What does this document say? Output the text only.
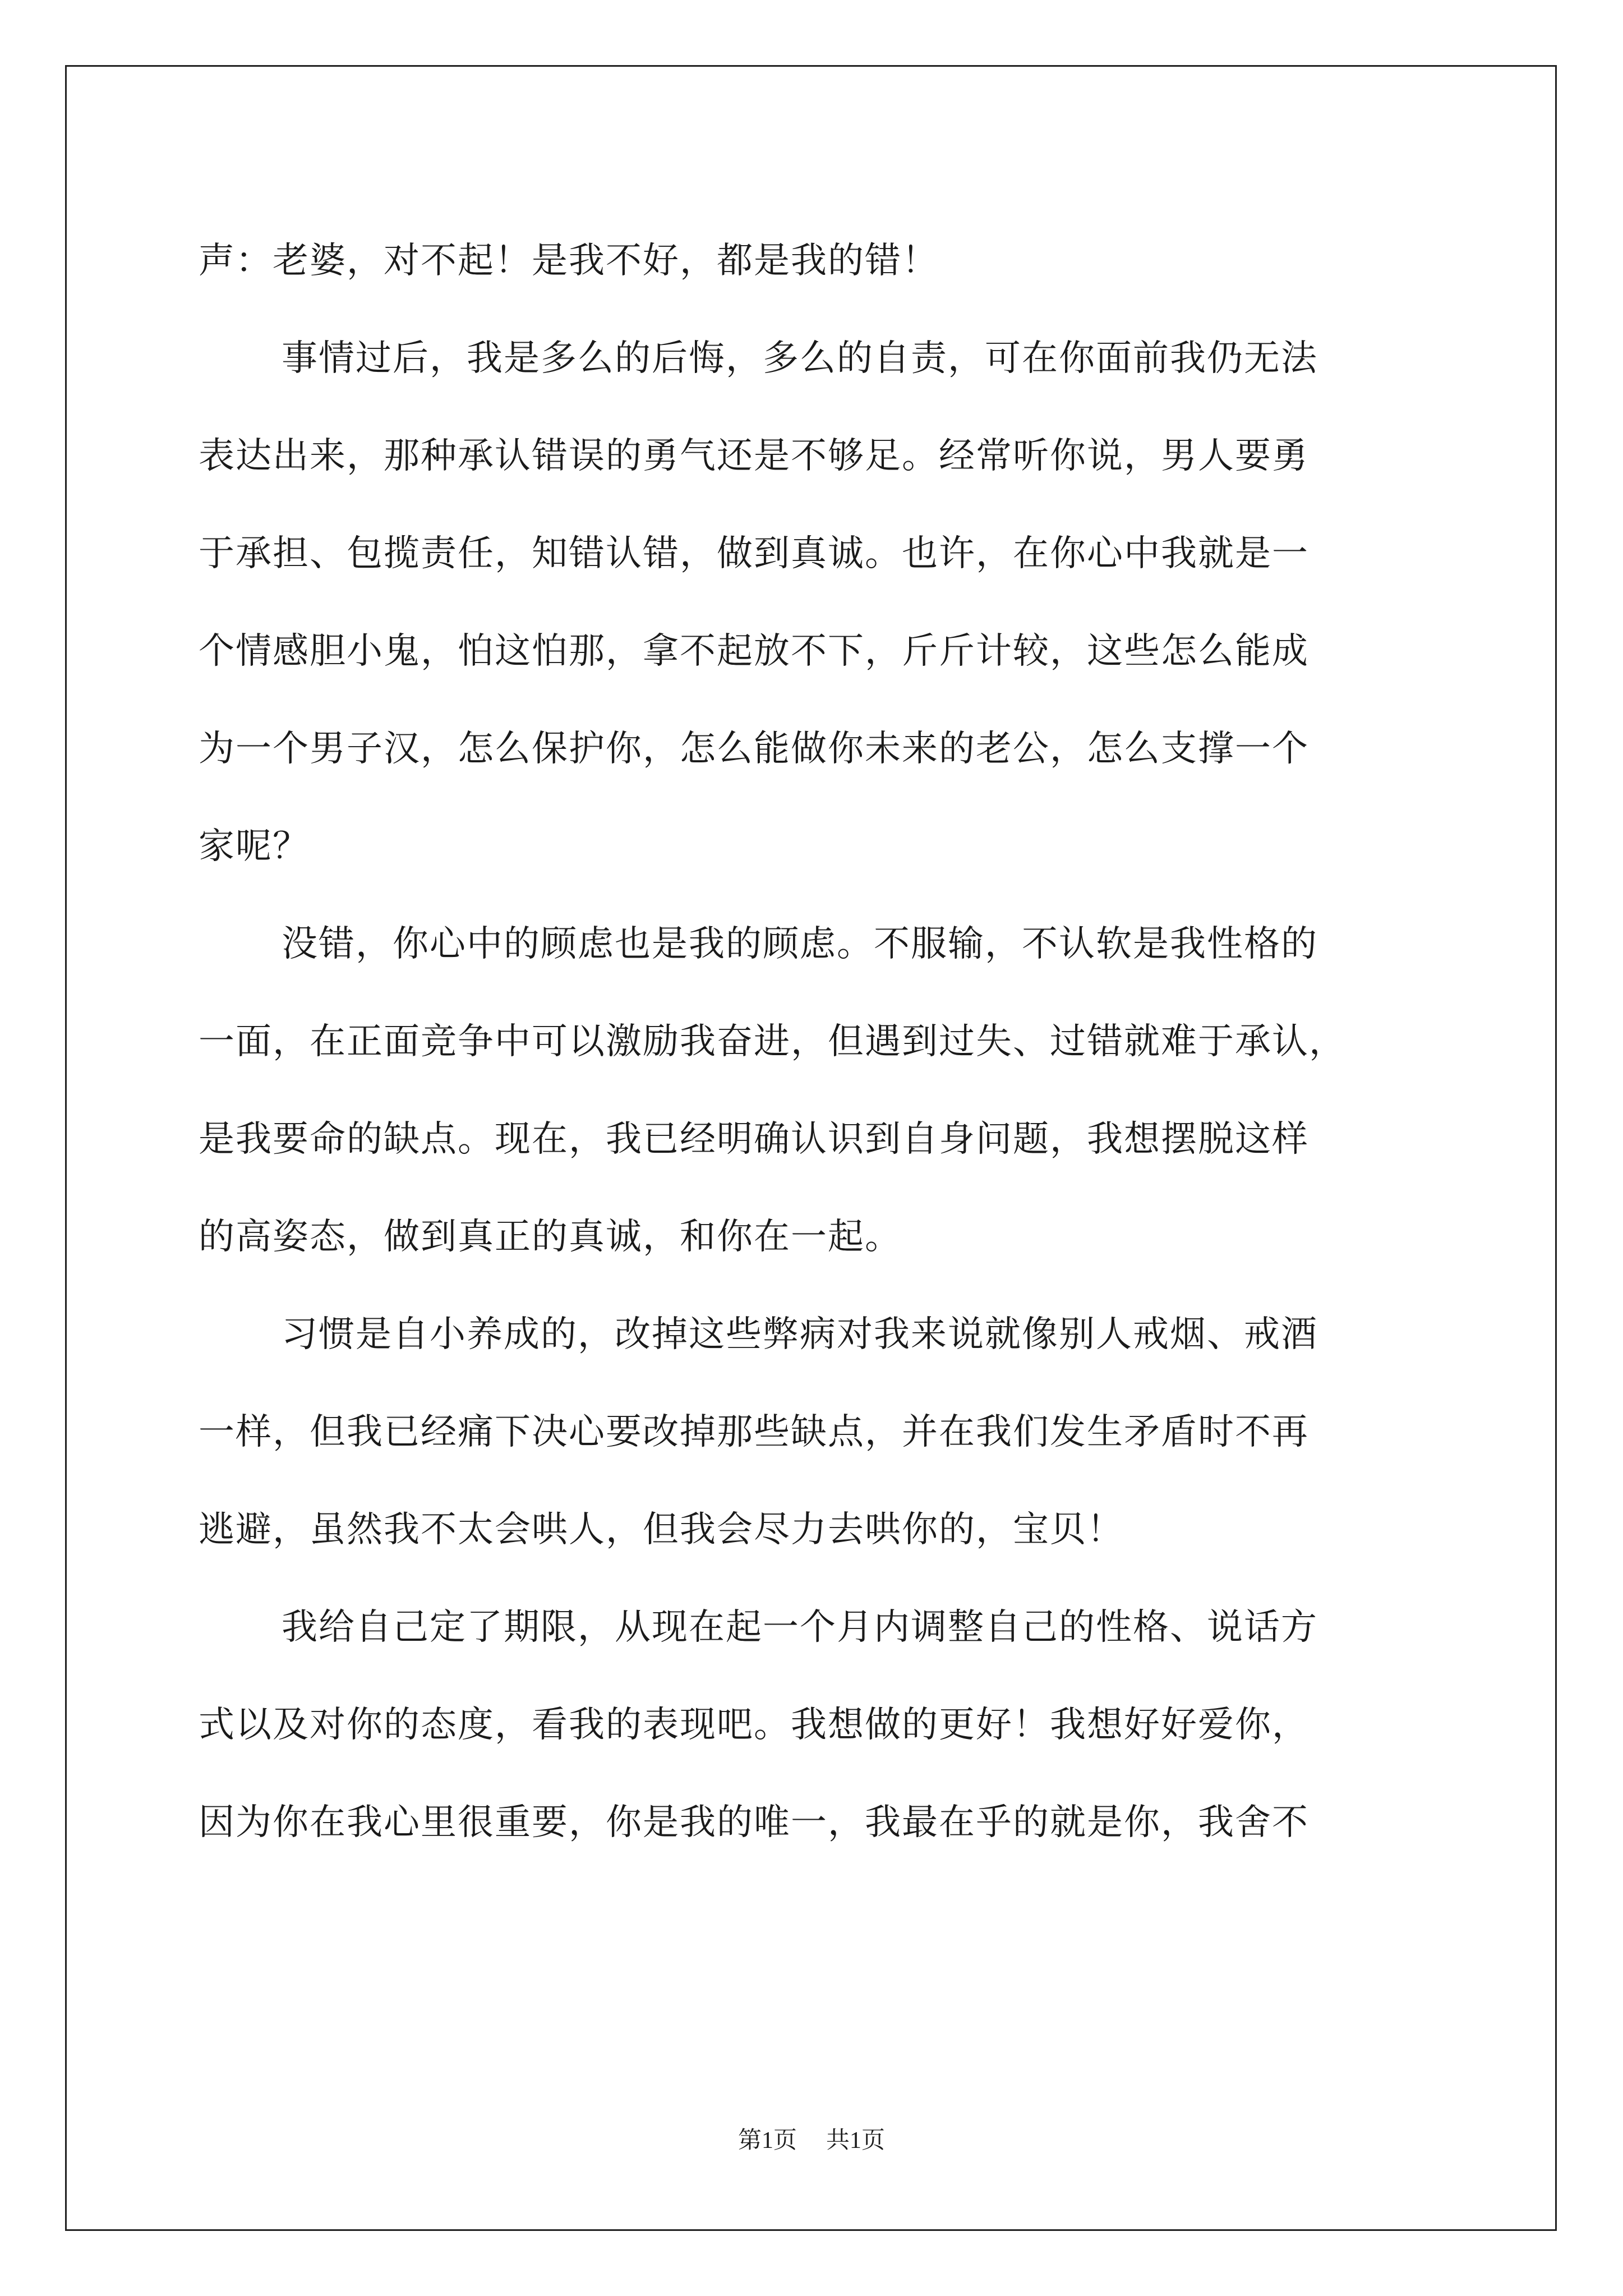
声：老婆，对不起！是我不好，都是我的错！
事情过后，我是多么的后悔，多么的自责，可在你面前我仍无法
表达出来，那种承认错误的勇气还是不够足。经常听你说，男人要勇
于承担、包揽责任，知错认错，做到真诚。也许，在你心中我就是一
个情感胆小鬼，怕这怕那，拿不起放不下，斤斤计较，这些怎么能成
为一个男子汉，怎么保护你，怎么能做你未来的老公，怎么支撑一个
家呢？
没错，你心中的顾虑也是我的顾虑。不服输，不认软是我性格的
一面，在正面竞争中可以激励我奋进，但遇到过失、过错就难于承认，
是我要命的缺点。现在，我已经明确认识到自身问题，我想摆脱这样
的高姿态，做到真正的真诚，和你在一起。
习惯是自小养成的，改掉这些弊病对我来说就像别人戒烟、戒酒
一样，但我已经痛下决心要改掉那些缺点，并在我们发生矛盾时不再
逃避，虽然我不太会哄人，但我会尽力去哄你的，宝贝！
我给自己定了期限，从现在起一个月内调整自己的性格、说话方
式以及对你的态度，看我的表现吧。我想做的更好！我想好好爱你，
因为你在我心里很重要，你是我的唯一，我最在乎的就是你，我舍不
第1页 共1页
